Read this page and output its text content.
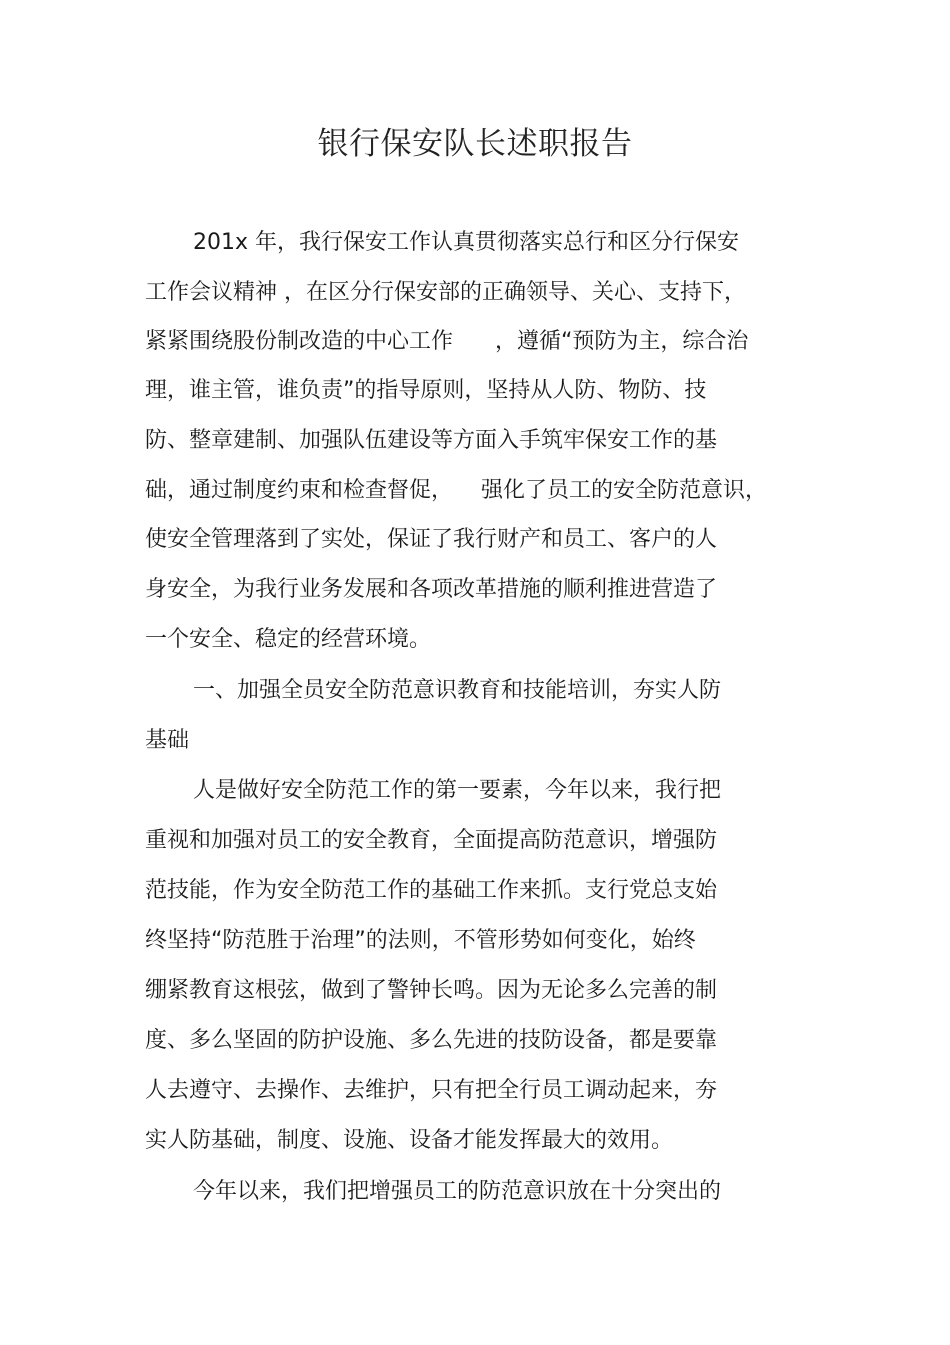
银行保安队长述职报告
201x 年，我行保安工作认真贯彻落实总行和区分行保安
工作会议精神 ，在区分行保安部的正确领导、关心、支持下，
紧紧围绕股份制改造的中心工作      ，遵循“预防为主，综合治
理，谁主管，谁负责”的指导原则，坚持从人防、物防、技
防、整章建制、加强队伍建设等方面入手筑牢保安工作的基
础，通过制度约束和检查督促，    强化了员工的安全防范意识，
使安全管理落到了实处，保证了我行财产和员工、客户的人
身安全，为我行业务发展和各项改革措施的顺利推进营造了
一个安全、稳定的经营环境。
一、加强全员安全防范意识教育和技能培训，夯实人防
基础
人是做好安全防范工作的第一要素，今年以来，我行把
重视和加强对员工的安全教育，全面提高防范意识，增强防
范技能，作为安全防范工作的基础工作来抓。支行党总支始
终坚持“防范胜于治理”的法则，不管形势如何变化，始终
绷紧教育这根弦，做到了警钟长鸣。因为无论多么完善的制
度、多么坚固的防护设施、多么先进的技防设备，都是要靠
人去遵守、去操作、去维护，只有把全行员工调动起来，夯
实人防基础，制度、设施、设备才能发挥最大的效用。
今年以来，我们把增强员工的防范意识放在十分突出的
